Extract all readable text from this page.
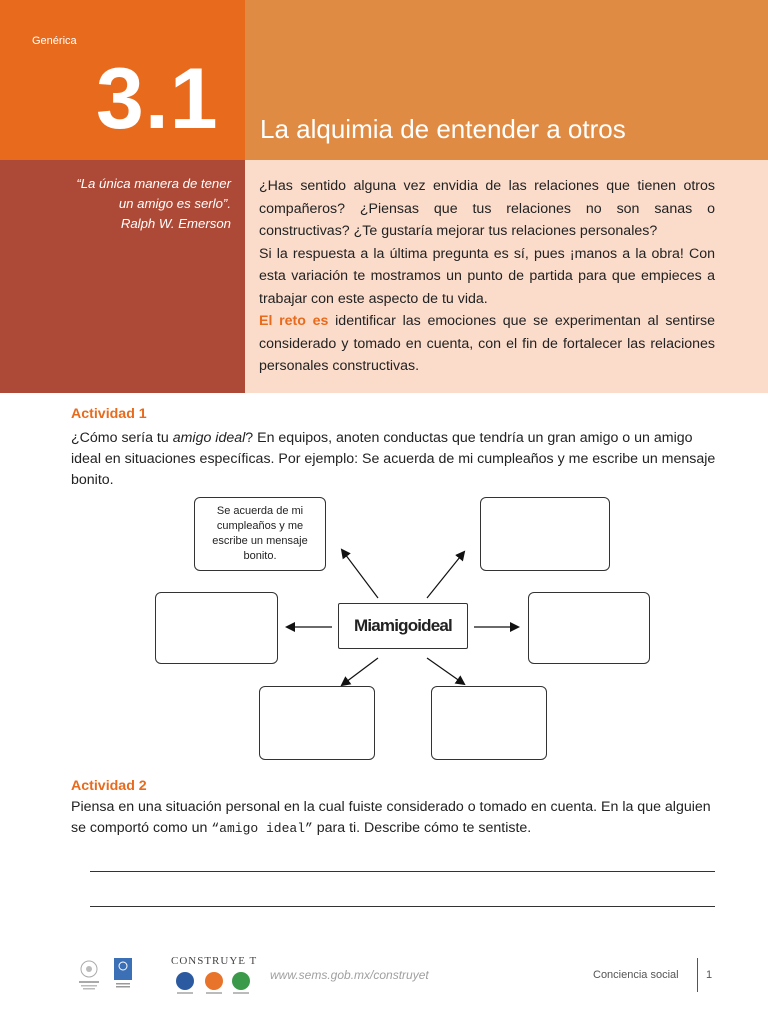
Genérica
3.1 La alquimia de entender a otros
“La única manera de tener
un amigo es serlo”.
Ralph W. Emerson

¿Has sentido alguna vez envidia de las relaciones que tienen otros compañeros? ¿Piensas que tus relaciones no son sanas o constructivas? ¿Te gustaría mejorar tus relaciones personales?

Si la respuesta a la última pregunta es sí, pues ¡manos a la obra! Con esta variación te mostramos un punto de partida para que empieces a trabajar con este aspecto de tu vida.

El reto es identificar las emociones que se experimentan al sentirse considerado y tomado en cuenta, con el fin de fortalecer las relaciones personales constructivas.

Actividad 1
¿Cómo sería tu amigo ideal? En equipos, anoten conductas que tendría un gran amigo o un amigo ideal en situaciones específicas. Por ejemplo: Se acuerda de mi cumpleaños y me escribe un mensaje bonito.
Se acuerda de mi cumpleaños y me escribe un mensaje bonito.
Mi amigo ideal
Actividad 2
Piensa en una situación personal en la cual fuiste considerado o tomado en cuenta. En la que alguien se comportó como un “amigo ideal” para ti. Describe cómo te sentiste.
CONSTRUYE T
www.sems.gob.mx/construyet	Conciencia social 1
